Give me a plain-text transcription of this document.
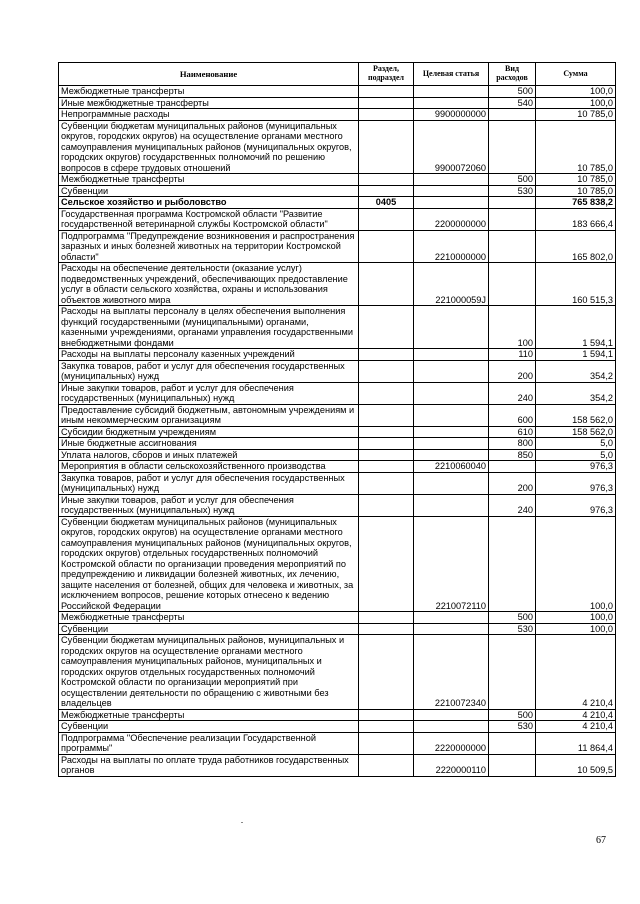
Наименование	Раздел, подраздел	Целевая статья	Вид расходов	Сумма
Межбюджетные трансферты			500	100,0
Иные межбюджетные трансферты			540	100,0
Непрограммные расходы		9900000000		10 785,0
Субвенции бюджетам муниципальных районов (муниципальных округов, городских округов) на осуществление органами местного самоуправления муниципальных районов (муниципальных округов, городских округов) государственных полномочий по решению вопросов в сфере трудовых отношений		9900072060		10 785,0
Межбюджетные трансферты			500	10 785,0
Субвенции			530	10 785,0
Сельское хозяйство и рыболовство	0405			765 838,2
Государственная программа Костромской области "Развитие государственной ветеринарной службы Костромской области"		2200000000		183 666,4
Подпрограмма "Предупреждение возникновения и распространения заразных и иных болезней животных на территории Костромской области"		2210000000		165 802,0
Расходы на обеспечение деятельности (оказание услуг) подведомственных учреждений, обеспечивающих предоставление услуг в области сельского хозяйства, охраны и использования объектов животного мира		221000059J		160 515,3
Расходы на выплаты персоналу в целях обеспечения выполнения функций государственными (муниципальными) органами, казенными учреждениями, органами управления государственными внебюджетными фондами			100	1 594,1
Расходы на выплаты персоналу казенных учреждений			110	1 594,1
Закупка товаров, работ и услуг для обеспечения государственных (муниципальных) нужд			200	354,2
Иные закупки товаров, работ и услуг для обеспечения государственных (муниципальных) нужд			240	354,2
Предоставление субсидий бюджетным, автономным учреждениям и иным некоммерческим организациям			600	158 562,0
Субсидии бюджетным учреждениям			610	158 562,0
Иные бюджетные ассигнования			800	5,0
Уплата налогов, сборов и иных платежей			850	5,0
Мероприятия в области сельскохозяйственного производства		2210060040		976,3
Закупка товаров, работ и услуг для обеспечения государственных (муниципальных) нужд			200	976,3
Иные закупки товаров, работ и услуг для обеспечения государственных (муниципальных) нужд			240	976,3
Субвенции бюджетам муниципальных районов (муниципальных округов, городских округов) на осуществление органами местного самоуправления муниципальных районов (муниципальных округов, городских округов) отдельных государственных полномочий Костромской области по организации проведения мероприятий по предупреждению и ликвидации болезней животных, их лечению, защите населения от болезней, общих для человека и животных, за исключением вопросов, решение которых отнесено к ведению Российской Федерации		2210072110		100,0
Межбюджетные трансферты			500	100,0
Субвенции			530	100,0
Субвенции бюджетам муниципальных районов, муниципальных и городских округов на осуществление органами местного самоуправления муниципальных районов, муниципальных и городских округов отдельных государственных полномочий Костромской области по организации мероприятий при осуществлении деятельности по обращению с животными без владельцев		2210072340		4 210,4
Межбюджетные трансферты			500	4 210,4
Субвенции			530	4 210,4
Подпрограмма "Обеспечение реализации Государственной программы"		2220000000		11 864,4
Расходы на выплаты по оплате труда работников государственных органов		2220000110		10 509,5
67
